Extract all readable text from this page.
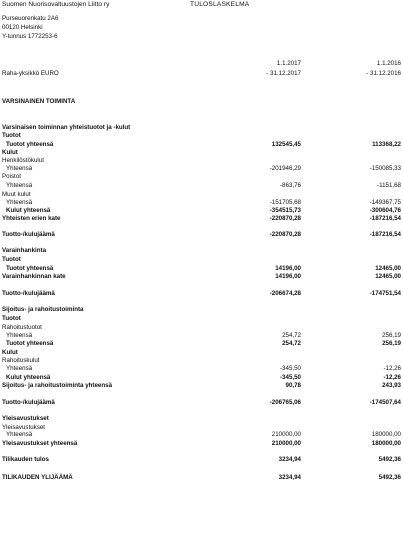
Suomen Nuorisovaltuustojen Liitto ry	TULOSLASKELMA
Purseuorenkatu 2A6
00120 Helsinki
Y-tunnus 1772253-6
1.1.2017	1.1.2016
Raha-yksikkö EURO	- 31.12.2017	- 31.12.2016
VARSINAINEN TOIMINTA
Varsinaisen toiminnan yhteistuotot ja -kulut
Tuotot
Tuotot yhteensä	132545,45	113368,22
Kulut
Henkilöstökulut
Yhteensä	-201946,29	-150085,33
Poistot
Yhteensä	-863,76	-1151,68
Muut kulut
Yhteensä	-151705,68	-149367,75
Kulut yhteensä	-354515,73	-300604,76
Yhteisten erien kate	-220870,28	-187216,54
Tuotto-/kulujäämä	-220870,28	-187216,54
Varainhankinta
Tuotot
Tuotot yhteensä	14196,00	12465,00
Varainhankinnan kate	14196,00	12465,00
Tuotto-/kulujäämä	-206674,28	-174751,54
Sijoitus- ja rahoitustoiminta
Tuotot
Rahoitustuotot
Yhteensä	254,72	256,19
Tuotot yhteensä	254,72	256,19
Kulut
Rahoituskulut
Yhteensä	-345,50	-12,26
Kulut yhteensä	-345,50	-12,26
Sijoitus- ja rahoitustoiminta yhteensä	90,78	243,93
Tuotto-/kulujäämä	-206765,06	-174507,64
Yleisavustukset
Yleisavustukset
Yhteensä	210000,00	180000,00
Yleisavustukset yhteensä	210000,00	180000,00
Tilikauden tulos	3234,94	5492,36
TILIKAUDEN YLIJÄÄMÄ	3234,94	5492,36
